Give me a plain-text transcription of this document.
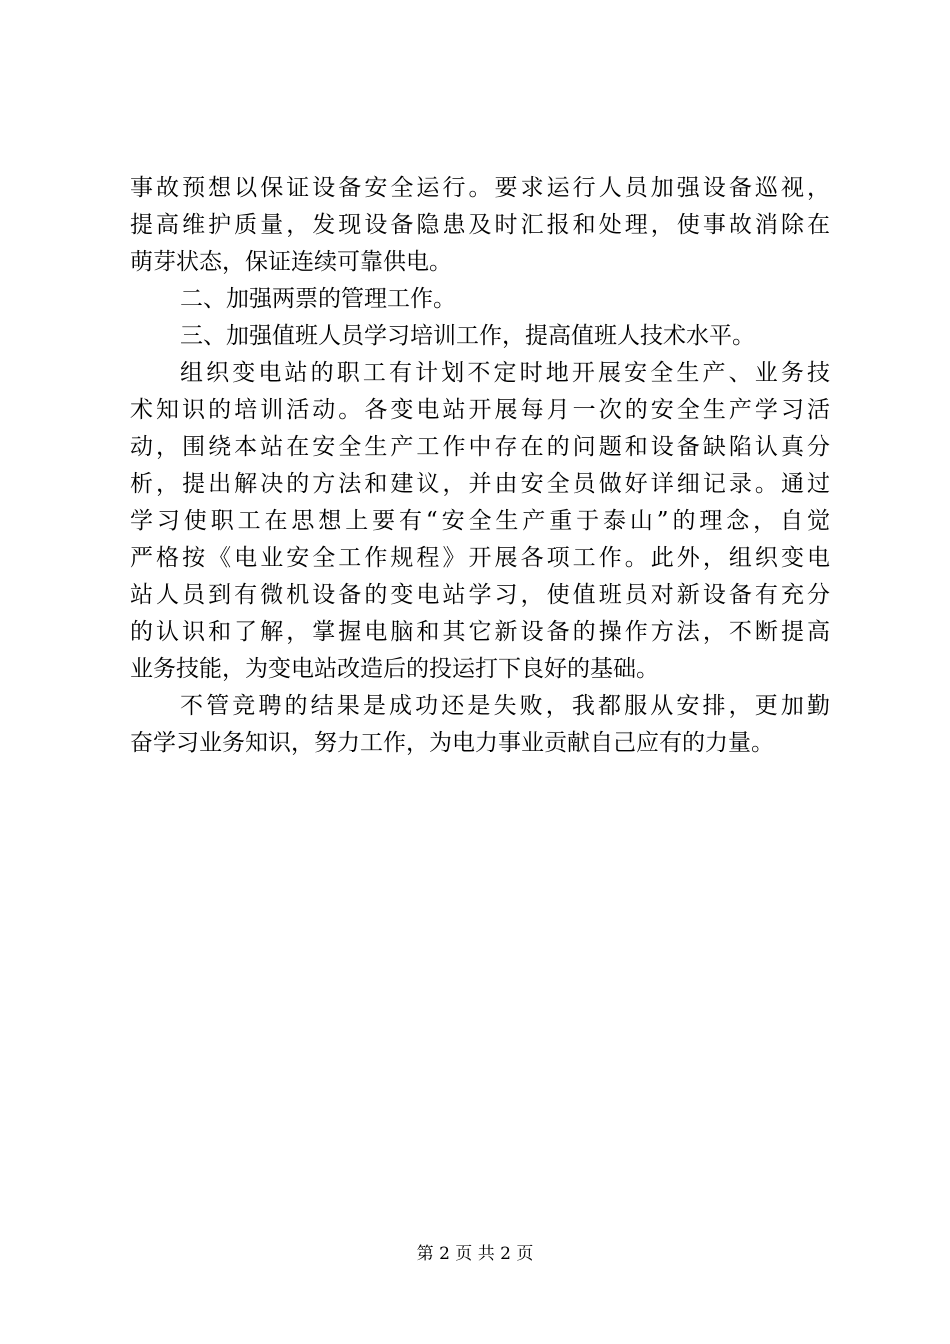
事故预想以保证设备安全运行。要求运行人员加强设备巡视，
提高维护质量，发现设备隐患及时汇报和处理，使事故消除在
萌芽状态，保证连续可靠供电。
二、加强两票的管理工作。
三、加强值班人员学习培训工作，提高值班人技术水平。
组织变电站的职工有计划不定时地开展安全生产、业务技
术知识的培训活动。各变电站开展每月一次的安全生产学习活
动，围绕本站在安全生产工作中存在的问题和设备缺陷认真分
析，提出解决的方法和建议，并由安全员做好详细记录。通过
学习使职工在思想上要有“安全生产重于泰山”的理念，自觉
严格按《电业安全工作规程》开展各项工作。此外，组织变电
站人员到有微机设备的变电站学习，使值班员对新设备有充分
的认识和了解，掌握电脑和其它新设备的操作方法，不断提高
业务技能，为变电站改造后的投运打下良好的基础。
不管竞聘的结果是成功还是失败，我都服从安排，更加勤
奋学习业务知识，努力工作，为电力事业贡献自己应有的力量。
第 2 页 共 2 页
